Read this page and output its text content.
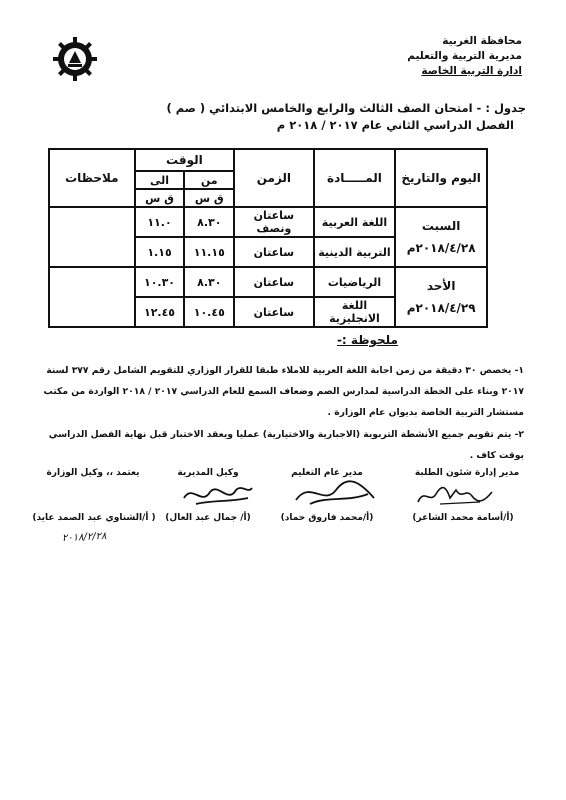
محافظة الغربية
مديرية التربية والتعليم
ادارة التربية الخاصة
جدول : - امتحان الصف الثالث والرابع والخامس الابتدائي ( صم )
الفصل الدراسي الثاني عام ٢٠١٧ / ٢٠١٨ م
اليوم والتاريخ	المـــــادة	الزمن	الوقت		ملاحظات
			من	الى	
			ق س	ق س	

السبت
٢٠١٨/٤/٢٨م	اللغة العربية	ساعتان ونصف	٨.٣٠	١١.٠	
	التربية الدينية	ساعتان	١١.١٥	١.١٥	

الأحد
٢٠١٨/٤/٢٩م	الرياضيات	ساعتان	٨.٣٠	١٠.٣٠	
	اللغة الانجليزية	ساعتان	١٠.٤٥	١٢.٤٥	
ملحوظة :-
١- يخصص ٣٠ دقيقة من زمن اجابة اللغة العربية للاملاء طبقا للقرار الوزاري للتقويم الشامل رقم ٣٧٧ لسنة ٢٠١٧ وبناء على الخطة الدراسية لمدارس الصم وضعاف السمع للعام الدراسي ٢٠١٧ / ٢٠١٨ الواردة من مكتب مستشار التربية الخاصة بديوان عام الوزارة .
٢- يتم تقويم جميع الأنشطة التربوية (الاجبارية والاختيارية) عمليا ويعقد الاختبار قبل نهاية الفصل الدراسي بوقت كاف .
مدير إدارة شئون الطلبة
مدير عام التعليم
وكيل المديرية
يعتمد ،، وكيل الوزارة
(أ/أسامة محمد الشاعر)
(أ/محمد فاروق حماد)
(أ/ جمال عبد العال)
( أ/الشناوي عبد الصمد عايد)
٢٠١٨/٢/٢٨
